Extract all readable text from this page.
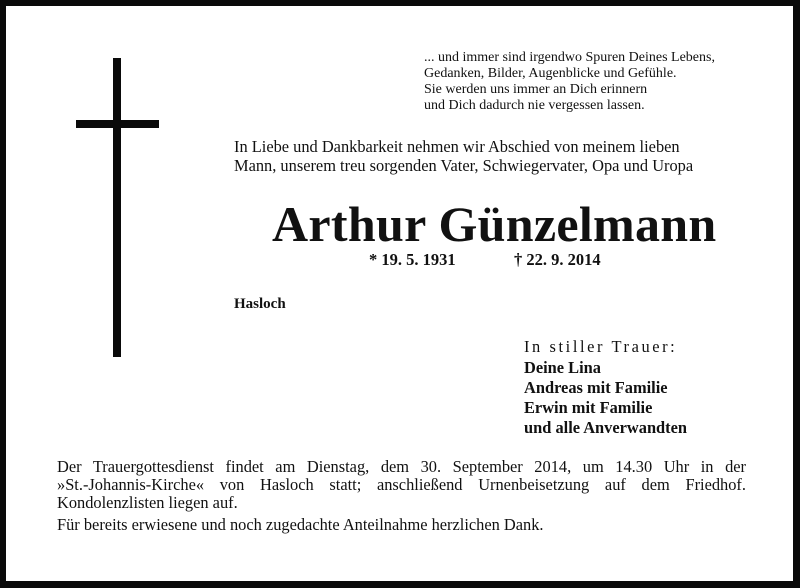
... und immer sind irgendwo Spuren Deines Lebens,
Gedanken, Bilder, Augenblicke und Gefühle.
Sie werden uns immer an Dich erinnern
und Dich dadurch nie vergessen lassen.
In Liebe und Dankbarkeit nehmen wir Abschied von meinem lieben
Mann, unserem treu sorgenden Vater, Schwiegervater, Opa und Uropa
Arthur Günzelmann
* 19. 5. 1931	† 22. 9. 2014
Hasloch
In stiller Trauer:
Deine Lina
Andreas mit Familie
Erwin mit Familie
und alle Anverwandten
Der Trauergottesdienst findet am Dienstag, dem 30. September 2014, um 14.30 Uhr in der
»St.-Johannis-Kirche« von Hasloch statt; anschließend Urnenbeisetzung auf dem Friedhof.
Kondolenzlisten liegen auf.
Für bereits erwiesene und noch zugedachte Anteilnahme herzlichen Dank.
